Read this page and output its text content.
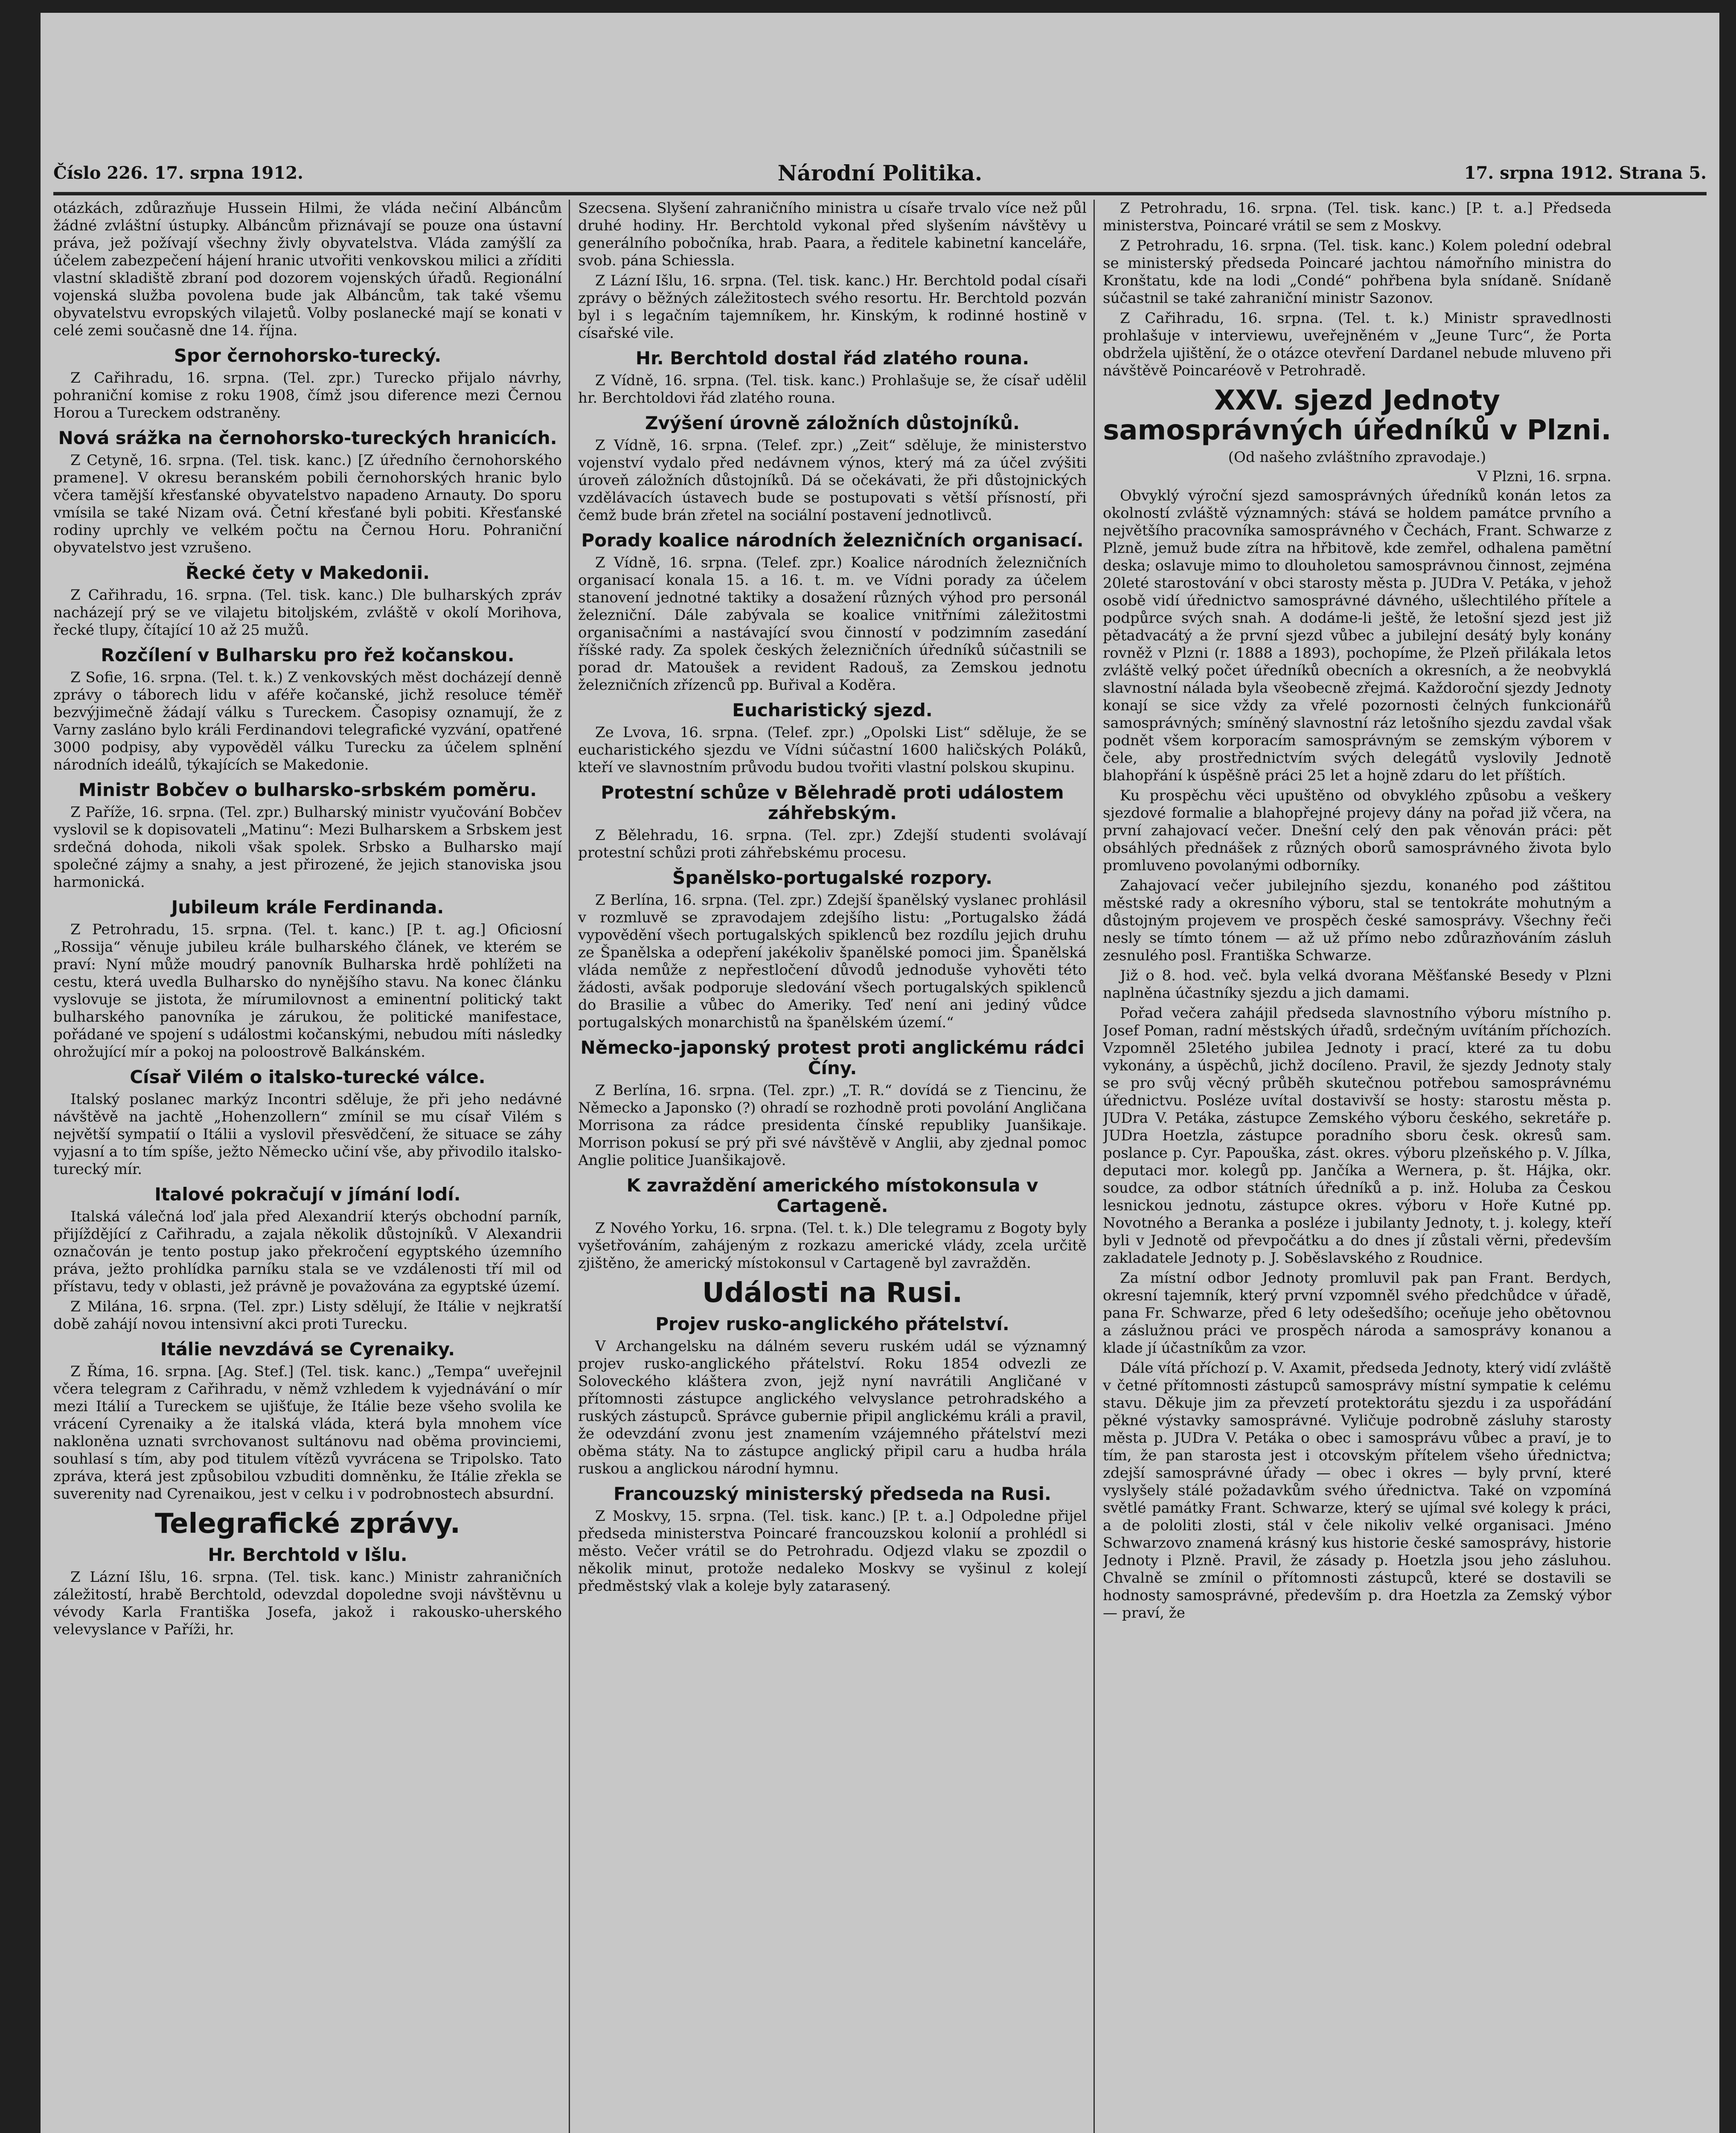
Číslo 226. 17. srpna 1912.	Národní Politika.	17. srpna 1912. Strana 5.

otázkách, zdůrazňuje Hussein Hilmi, že vláda nečiní Albáncům žádné zvláštní ústupky. Albáncům přiznávají se pouze ona ústavní práva, jež požívají všechny živly obyvatelstva. Vláda zamýšlí za účelem zabezpečení hájení hranic utvořiti venkovskou milici a zříditi vlastní skladiště zbraní pod dozorem vojenských úřadů. Regionální vojenská služba povolena bude jak Albáncům, tak také všemu obyvatelstvu evropských vilajetů. Volby poslanecké mají se konati v celé zemi současně dne 14. října.

Spor černohorsko-turecký.

Z Cařihradu, 16. srpna. (Tel. zpr.) Turecko přijalo návrhy, pohraniční komise z roku 1908, čímž jsou diference mezi Černou Horou a Tureckem odstraněny.

Nová srážka na černohorsko-tureckých hranicích.

Z Cetyně, 16. srpna. (Tel. tisk. kanc.) [Z úředního černohorského pramene]. V okresu beranském pobili černohorských hranic bylo včera tamější křesťanské obyvatelstvo napadeno Arnauty. Do sporu vmísila se také Nizam ová. Četní křesťané byli pobiti. Křesťanské rodiny uprchly ve velkém počtu na Černou Horu. Pohraniční obyvatelstvo jest vzrušeno.

Řecké čety v Makedonii.

Z Cařihradu, 16. srpna. (Tel. tisk. kanc.) Dle bulharských zpráv nacházejí prý se ve vilajetu bitoljském, zvláště v okolí Morihova, řecké tlupy, čítající 10 až 25 mužů.

Rozčílení v Bulharsku pro řež kočanskou.

Z Sofie, 16. srpna. (Tel. t. k.) Z venkovských měst docházejí denně zprávy o táborech lidu v aféře kočanské, jichž resoluce téměř bezvýjimečně žádají válku s Tureckem. Časopisy oznamují, že z Varny zasláno bylo králi Ferdinandovi telegrafické vyzvání, opatřené 3000 podpisy, aby vypověděl válku Turecku za účelem splnění národních ideálů, týkajících se Makedonie.

Ministr Bobčev o bulharsko-srbském poměru.

Z Paříže, 16. srpna. (Tel. zpr.) Bulharský ministr vyučování Bobčev vyslovil se k dopisovateli „Matinu“: Mezi Bulharskem a Srbskem jest srdečná dohoda, nikoli však spolek. Srbsko a Bulharsko mají společné zájmy a snahy, a jest přirozené, že jejich stanoviska jsou harmonická.

Jubileum krále Ferdinanda.

Z Petrohradu, 15. srpna. (Tel. t. kanc.) [P. t. ag.] Oficiosní „Rossija“ věnuje jubileu krále bulharského článek, ve kterém se praví: Nyní může moudrý panovník Bulharska hrdě pohlížeti na cestu, která uvedla Bulharsko do nynějšího stavu. Na konec článku vyslovuje se jistota, že mírumilovnost a eminentní politický takt bulharského panovníka je zárukou, že politické manifestace, pořádané ve spojení s událostmi kočanskými, nebudou míti následky ohrožující mír a pokoj na poloostrově Balkánském.

Císař Vilém o italsko-turecké válce.

Italský poslanec markýz Incontri sděluje, že při jeho nedávné návštěvě na jachtě „Hohenzollern“ zmínil se mu císař Vilém s největší sympatií o Itálii a vyslovil přesvědčení, že situace se záhy vyjasní a to tím spíše, ježto Německo učiní vše, aby přivodilo italsko-turecký mír.

Italové pokračují v jímání lodí.

Italská válečná loď jala před Alexandrií kterýs obchodní parník, přijíždějící z Cařihradu, a zajala několik důstojníků. V Alexandrii označován je tento postup jako překročení egyptského územního práva, ježto prohlídka parníku stala se ve vzdálenosti tří mil od přístavu, tedy v oblasti, jež právně je považována za egyptské území.

Z Milána, 16. srpna. (Tel. zpr.) Listy sdělují, že Itálie v nejkratší době zahájí novou intensivní akci proti Turecku.

Itálie nevzdává se Cyrenaiky.

Z Říma, 16. srpna. [Ag. Stef.] (Tel. tisk. kanc.) „Tempa“ uveřejnil včera telegram z Cařihradu, v němž vzhledem k vyjednávání o mír mezi Itálií a Tureckem se ujišťuje, že Itálie beze všeho svolila ke vrácení Cyrenaiky a že italská vláda, která byla mnohem více nakloněna uznati svrchovanost sultánovu nad oběma provinciemi, souhlasí s tím, aby pod titulem vítězů vyvrácena se Tripolsko. Tato zpráva, která jest způsobilou vzbuditi domněnku, že Itálie zřekla se suverenity nad Cyrenaikou, jest v celku i v podrobnostech absurdní.

Telegrafické zprávy.
Hr. Berchtold v Išlu.

Z Lázní Išlu, 16. srpna. (Tel. tisk. kanc.) Ministr zahraničních záležitostí, hrabě Berchtold, odevzdal dopoledne svoji návštěvnu u vévody Karla Františka Josefa, jakož i rakousko-uherského velevyslance v Paříži, hr.

Szecsena. Slyšení zahraničního ministra u císaře trvalo více než půl druhé hodiny. Hr. Berchtold vykonal před slyšením návštěvy u generálního pobočníka, hrab. Paara, a ředitele kabinetní kanceláře, svob. pána Schiessla.

Z Lázní Išlu, 16. srpna. (Tel. tisk. kanc.) Hr. Berchtold podal císaři zprávy o běžných záležitostech svého resortu. Hr. Berchtold pozván byl i s legačním tajemníkem, hr. Kinským, k rodinné hostině v císařské vile.

Hr. Berchtold dostal řád zlatého rouna.

Z Vídně, 16. srpna. (Tel. tisk. kanc.) Prohlašuje se, že císař udělil hr. Berchtoldovi řád zlatého rouna.

Zvýšení úrovně záložních důstojníků.

Z Vídně, 16. srpna. (Telef. zpr.) „Zeit“ sděluje, že ministerstvo vojenství vydalo před nedávnem výnos, který má za účel zvýšiti úroveň záložních důstojníků. Dá se očekávati, že při důstojnických vzdělávacích ústavech bude se postupovati s větší přísností, při čemž bude brán zřetel na sociální postavení jednotlivců.

Porady koalice národních železničních organisací.

Z Vídně, 16. srpna. (Telef. zpr.) Koalice národních železničních organisací konala 15. a 16. t. m. ve Vídni porady za účelem stanovení jednotné taktiky a dosažení různých výhod pro personál železniční. Dále zabývala se koalice vnitřními záležitostmi organisačními a nastávající svou činností v podzimním zasedání říšské rady. Za spolek českých železničních úředníků súčastnili se porad dr. Matoušek a revident Radouš, za Zemskou jednotu železničních zřízenců pp. Buřival a Koděra.

Eucharistický sjezd.

Ze Lvova, 16. srpna. (Telef. zpr.) „Opolski List“ sděluje, že se eucharistického sjezdu ve Vídni súčastní 1600 haličských Poláků, kteří ve slavnostním průvodu budou tvořiti vlastní polskou skupinu.

Protestní schůze v Bělehradě proti událostem záhřebským.

Z Bělehradu, 16. srpna. (Tel. zpr.) Zdejší studenti svolávají protestní schůzi proti záhřebskému procesu.

Španělsko-portugalské rozpory.

Z Berlína, 16. srpna. (Tel. zpr.) Zdejší španělský vyslanec prohlásil v rozmluvě se zpravodajem zdejšího listu: „Portugalsko žádá vypovědění všech portugalských spiklenců bez rozdílu jejich druhu ze Španělska a odepření jakékoliv španělské pomoci jim. Španělská vláda nemůže z nepřestločení důvodů jednoduše vyhověti této žádosti, avšak podporuje sledování všech portugalských spiklenců do Brasilie a vůbec do Ameriky. Teď není ani jediný vůdce portugalských monarchistů na španělském území.“

Německo-japonský protest proti anglickému rádci Číny.

Z Berlína, 16. srpna. (Tel. zpr.) „T. R.“ dovídá se z Tiencinu, že Německo a Japonsko (?) ohradí se rozhodně proti povolání Angličana Morrisona za rádce presidenta čínské republiky Juanšikaje. Morrison pokusí se prý při své návštěvě v Anglii, aby zjednal pomoc Anglie politice Juanšikajově.

K zavraždění amerického místokonsula v Cartageně.

Z Nového Yorku, 16. srpna. (Tel. t. k.) Dle telegramu z Bogoty byly vyšetřováním, zahájeným z rozkazu americké vlády, zcela určitě zjištěno, že americký místokonsul v Cartageně byl zavražděn.

Události na Rusi.
Projev rusko-anglického přátelství.

V Archangelsku na dálném severu ruském udál se významný projev rusko-anglického přátelství. Roku 1854 odvezli ze Soloveckého kláštera zvon, jejž nyní navrátili Angličané v přítomnosti zástupce anglického velvyslance petrohradského a ruských zástupců. Správce gubernie připil anglickému králi a pravil, že odevzdání zvonu jest znamením vzájemného přátelství mezi oběma státy. Na to zástupce anglický připil caru a hudba hrála ruskou a anglickou národní hymnu.

Francouzský ministerský předseda na Rusi.

Z Moskvy, 15. srpna. (Tel. tisk. kanc.) [P. t. a.] Odpoledne přijel předseda ministerstva Poincaré francouzskou kolonií a prohlédl si město. Večer vrátil se do Petrohradu. Odjezd vlaku se zpozdil o několik minut, protože nedaleko Moskvy se vyšinul z kolejí předměstský vlak a koleje byly zatarasený.

Z Petrohradu, 16. srpna. (Tel. tisk. kanc.) [P. t. a.] Předseda ministerstva, Poincaré vrátil se sem z Moskvy.

Z Petrohradu, 16. srpna. (Tel. tisk. kanc.) Kolem polední odebral se ministerský předseda Poincaré jachtou námořního ministra do Kronštatu, kde na lodi „Condé“ pohřbena byla snídaně. Snídaně súčastnil se také zahraniční ministr Sazonov.

Z Cařihradu, 16. srpna. (Tel. t. k.) Ministr spravedlnosti prohlašuje v interviewu, uveřejněném v „Jeune Turc“, že Porta obdržela ujištění, že o otázce otevření Dardanel nebude mluveno při návštěvě Poincaréově v Petrohradě.

XXV. sjezd Jednoty samosprávných úředníků v Plzni.
(Od našeho zvláštního zpravodaje.)
V Plzni, 16. srpna.

Obvyklý výroční sjezd samosprávných úředníků konán letos za okolností zvláště významných: stává se holdem památce prvního a největšího pracovníka samosprávného v Čechách, Frant. Schwarze z Plzně, jemuž bude zítra na hřbitově, kde zemřel, odhalena pamětní deska; oslavuje mimo to dlouholetou samosprávnou činnost, zejména 20leté starostování v obci starosty města p. JUDra V. Petáka, v jehož osobě vidí úřednictvo samosprávné dávného, ušlechtilého přítele a podpůrce svých snah. A dodáme-li ještě, že letošní sjezd jest již pětadvacátý a že první sjezd vůbec a jubilejní desátý byly konány rovněž v Plzni (r. 1888 a 1893), pochopíme, že Plzeň přilákala letos zvláště velký počet úředníků obecních a okresních, a že neobvyklá slavnostní nálada byla všeobecně zřejmá. Každoroční sjezdy Jednoty konají se sice vždy za vřelé pozornosti čelných funkcionářů samosprávných; smíněný slavnostní ráz letošního sjezdu zavdal však podnět všem korporacím samosprávným se zemským výborem v čele, aby prostřednictvím svých delegátů vyslovily Jednotě blahopřání k úspěšně práci 25 let a hojně zdaru do let příštích.

Ku prospěchu věci upuštěno od obvyklého způsobu a veškery sjezdové formalie a blahopřejné projevy dány na pořad již včera, na první zahajovací večer. Dnešní celý den pak věnován práci: pět obsáhlých přednášek z různých oborů samosprávného života bylo promluveno povolanými odborníky.

Zahajovací večer jubilejního sjezdu, konaného pod záštitou městské rady a okresního výboru, stal se tentokráte mohutným a důstojným projevem ve prospěch české samosprávy. Všechny řeči nesly se tímto tónem — až už přímo nebo zdůrazňováním zásluh zesnulého posl. Františka Schwarze.

Již o 8. hod. več. byla velká dvorana Měšťanské Besedy v Plzni naplněna účastníky sjezdu a jich damami.

Pořad večera zahájil předseda slavnostního výboru místního p. Josef Poman, radní městských úřadů, srdečným uvítáním příchozích. Vzpomněl 25letého jubilea Jednoty i prací, které za tu dobu vykonány, a úspěchů, jichž docíleno. Pravil, že sjezdy Jednoty staly se pro svůj věcný průběh skutečnou potřebou samosprávnému úřednictvu. Posléze uvítal dostavivší se hosty: starostu města p. JUDra V. Petáka, zástupce Zemského výboru českého, sekretáře p. JUDra Hoetzla, zástupce poradního sboru česk. okresů sam. poslance p. Cyr. Papouška, zást. okres. výboru plzeňského p. V. Jílka, deputaci mor. kolegů pp. Jančíka a Wernera, p. št. Hájka, okr. soudce, za odbor státních úředníků a p. inž. Holuba za Českou lesnickou jednotu, zástupce okres. výboru v Hoře Kutné pp. Novotného a Beranka a posléze i jubilanty Jednoty, t. j. kolegy, kteří byli v Jednotě od převpočátku a do dnes jí zůstali věrni, především zakladatele Jednoty p. J. Soběslavského z Roudnice.

Za místní odbor Jednoty promluvil pak pan Frant. Berdych, okresní tajemník, který první vzpomněl svého předchůdce v úřadě, pana Fr. Schwarze, před 6 lety odešedšího; oceňuje jeho obětovnou a záslužnou práci ve prospěch národa a samosprávy konanou a klade jí účastníkům za vzor.

Dále vítá příchozí p. V. Axamit, předseda Jednoty, který vidí zvláště v četné přítomnosti zástupců samosprávy místní sympatie k celému stavu. Děkuje jim za převzetí protektorátu sjezdu i za uspořádání pěkné výstavky samosprávné. Vyličuje podrobně zásluhy starosty města p. JUDra V. Petáka o obec i samosprávu vůbec a praví, je to tím, že pan starosta jest i otcovským přítelem všeho úřednictva; zdejší samosprávné úřady — obec i okres — byly první, které vyslyšely stálé požadavkům svého úřednictva. Také on vzpomíná světlé památky Frant. Schwarze, který se ujímal své kolegy k práci, a de pololiti zlosti, stál v čele nikoliv velké organisaci. Jméno Schwarzovo znamená krásný kus historie české samosprávy, historie Jednoty i Plzně. Pravil, že zásady p. Hoetzla jsou jeho zásluhou. Chvalně se zmínil o přítomnosti zástupců, které se dostavili se hodnosty samosprávné, především p. dra Hoetzla za Zemský výbor — praví, že
